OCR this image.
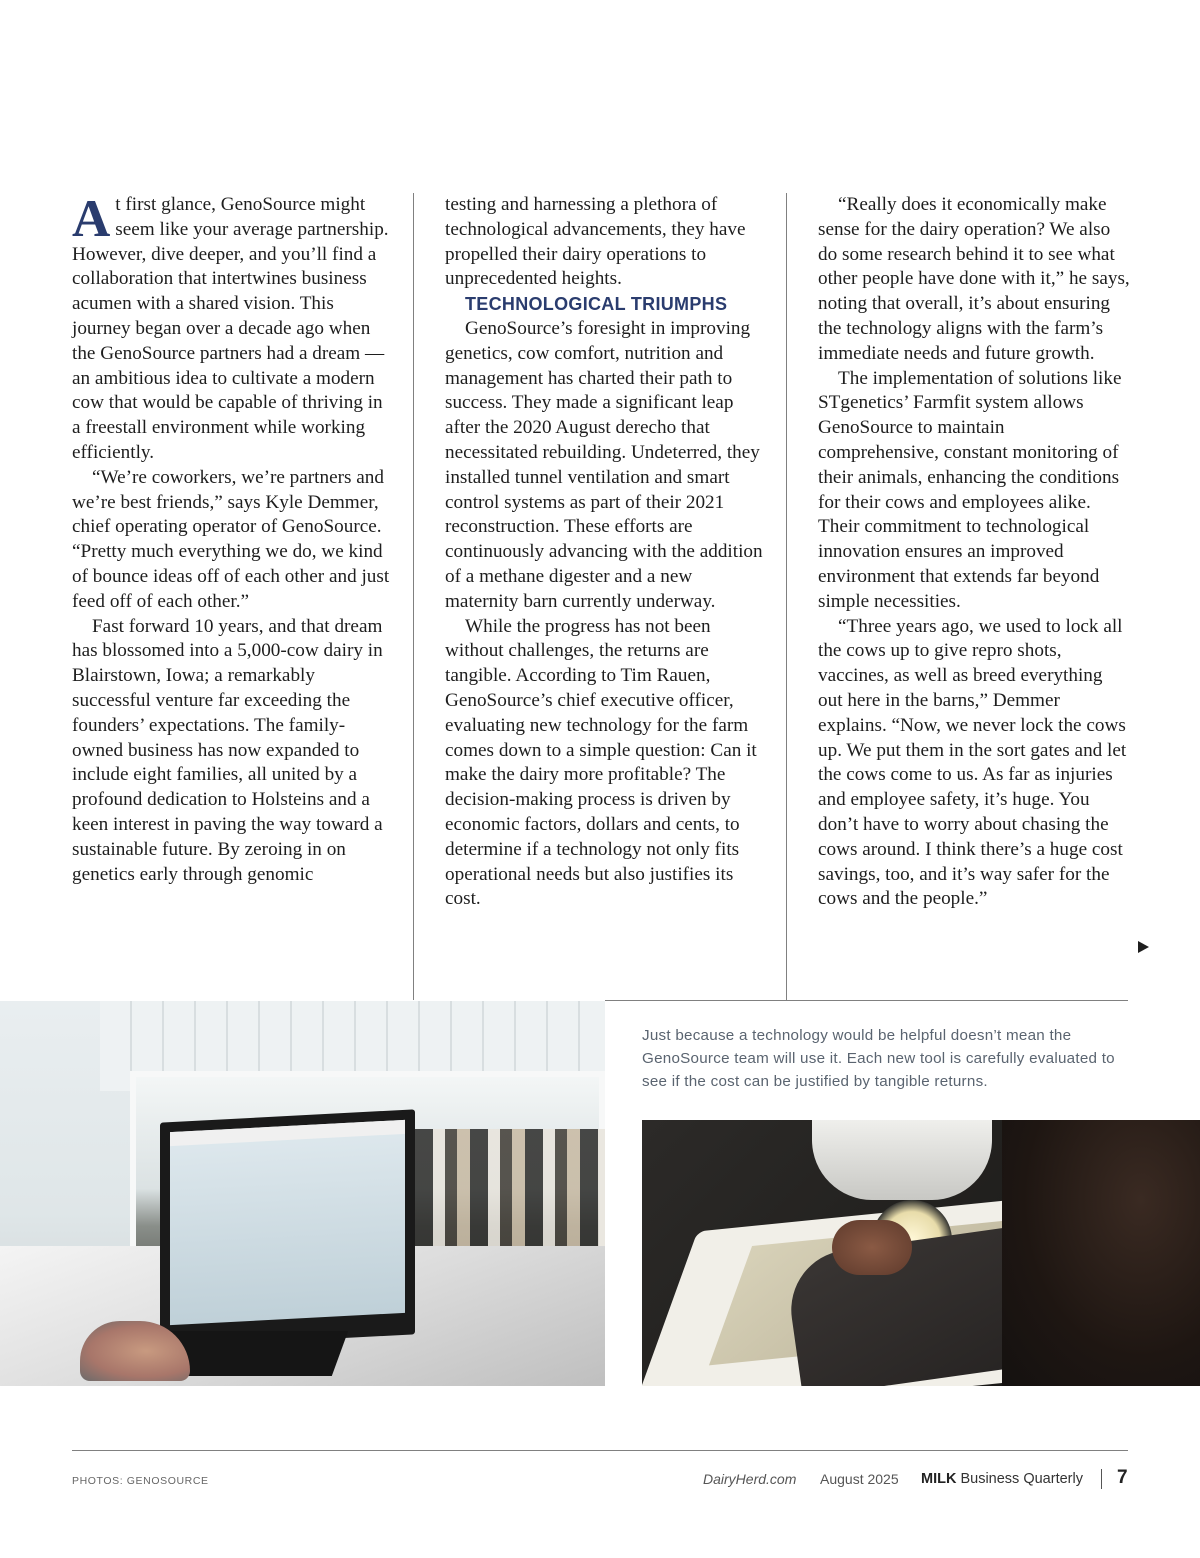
At first glance, GenoSource might seem like your average partnership. However, dive deeper, and you’ll find a collaboration that intertwines business acumen with a shared vision. This journey began over a decade ago when the GenoSource partners had a dream — an ambitious idea to cultivate a modern cow that would be capable of thriving in a freestall environment while working efficiently.

“We’re coworkers, we’re partners and we’re best friends,” says Kyle Demmer, chief operating operator of GenoSource. “Pretty much everything we do, we kind of bounce ideas off of each other and just feed off of each other.”

Fast forward 10 years, and that dream has blossomed into a 5,000-cow dairy in Blairstown, Iowa; a remarkably successful venture far exceeding the founders’ expectations. The family-owned business has now expanded to include eight families, all united by a profound dedication to Holsteins and a keen interest in paving the way toward a sustainable future. By zeroing in on genetics early through genomic

testing and harnessing a plethora of technological advancements, they have propelled their dairy operations to unprecedented heights.

TECHNOLOGICAL TRIUMPHS

GenoSource’s foresight in improving genetics, cow comfort, nutrition and management has charted their path to success. They made a significant leap after the 2020 August derecho that necessitated rebuilding. Undeterred, they installed tunnel ventilation and smart control systems as part of their 2021 reconstruction. These efforts are continuously advancing with the addition of a methane digester and a new maternity barn currently underway.

While the progress has not been without challenges, the returns are tangible. According to Tim Rauen, GenoSource’s chief executive officer, evaluating new technology for the farm comes down to a simple question: Can it make the dairy more profitable? The decision-making process is driven by economic factors, dollars and cents, to determine if a technology not only fits operational needs but also justifies its cost.

“Really does it economically make sense for the dairy operation? We also do some research behind it to see what other people have done with it,” he says, noting that overall, it’s about ensuring the technology aligns with the farm’s immediate needs and future growth.

The implementation of solutions like STgenetics’ Farmfit system allows GenoSource to maintain comprehensive, constant monitoring of their animals, enhancing the conditions for their cows and employees alike. Their commitment to technological innovation ensures an improved environment that extends far beyond simple necessities.

“Three years ago, we used to lock all the cows up to give repro shots, vaccines, as well as breed everything out here in the barns,” Demmer explains. “Now, we never lock the cows up. We put them in the sort gates and let the cows come to us. As far as injuries and employee safety, it’s huge. You don’t have to worry about chasing the cows around. I think there’s a huge cost savings, too, and it’s way safer for the cows and the people.”

Just because a technology would be helpful doesn’t mean the GenoSource team will use it. Each new tool is carefully evaluated to see if the cost can be justified by tangible returns.
PHOTOS: GENOSOURCE	DairyHerd.com August 2025 MILK Business Quarterly 7
